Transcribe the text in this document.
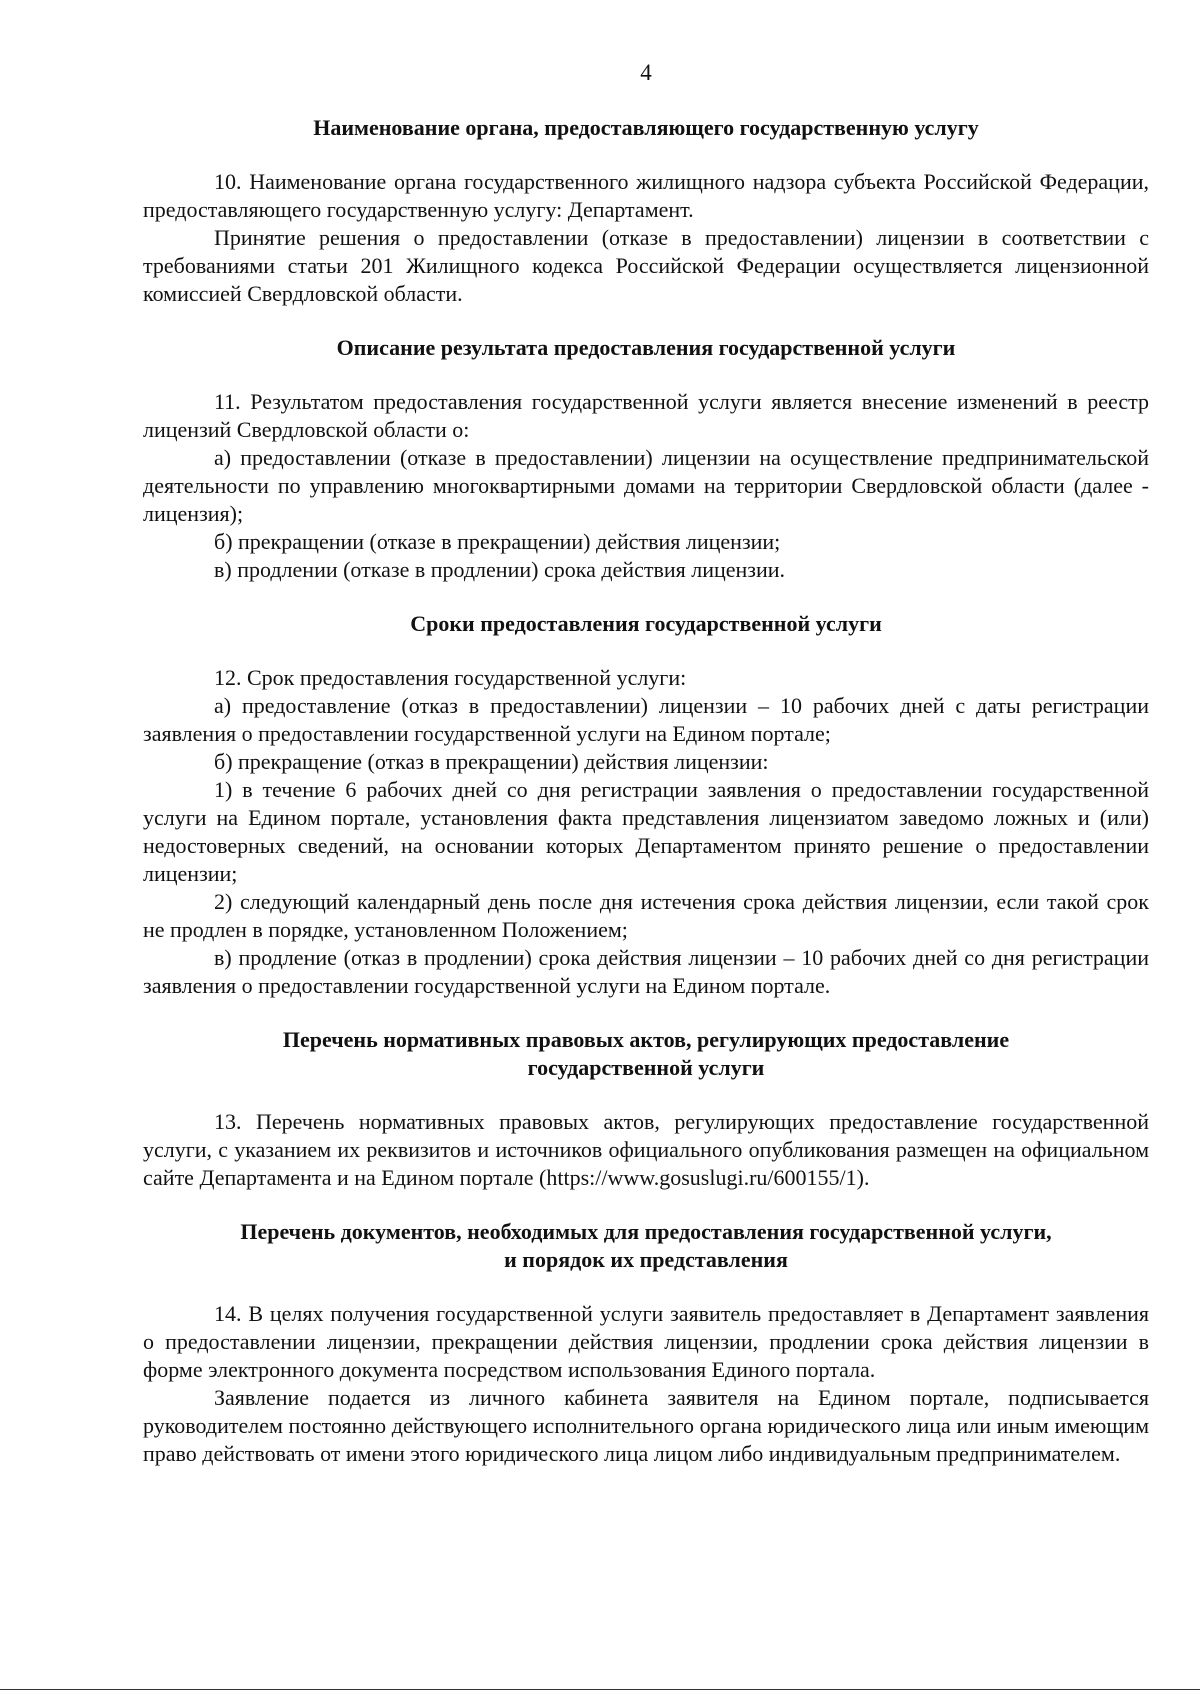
4
Наименование органа, предоставляющего государственную услугу

10. Наименование органа государственного жилищного надзора субъекта Российской Федерации, предоставляющего государственную услугу: Департамент.

Принятие решения о предоставлении (отказе в предоставлении) лицензии в соответствии с требованиями статьи 201 Жилищного кодекса Российской Федерации осуществляется лицензионной комиссией Свердловской области.

Описание результата предоставления государственной услуги

11. Результатом предоставления государственной услуги является внесение изменений в реестр лицензий Свердловской области о:

а) предоставлении (отказе в предоставлении) лицензии на осуществление предпринимательской деятельности по управлению многоквартирными домами на территории Свердловской области (далее - лицензия);

б) прекращении (отказе в прекращении) действия лицензии;

в) продлении (отказе в продлении) срока действия лицензии.

Сроки предоставления государственной услуги

12. Срок предоставления государственной услуги:

а) предоставление (отказ в предоставлении) лицензии – 10 рабочих дней с даты регистрации заявления о предоставлении государственной услуги на Едином портале;

б) прекращение (отказ в прекращении) действия лицензии:

1) в течение 6 рабочих дней со дня регистрации заявления о предоставлении государственной услуги на Едином портале, установления факта представления лицензиатом заведомо ложных и (или) недостоверных сведений, на основании которых Департаментом принято решение о предоставлении лицензии;

2) следующий календарный день после дня истечения срока действия лицензии, если такой срок не продлен в порядке, установленном Положением;

в) продление (отказ в продлении) срока действия лицензии – 10 рабочих дней со дня регистрации заявления о предоставлении государственной услуги на Едином портале.

Перечень нормативных правовых актов, регулирующих предоставление
государственной услуги

13. Перечень нормативных правовых актов, регулирующих предоставление государственной услуги, с указанием их реквизитов и источников официального опубликования размещен на официальном сайте Департамента и на Едином портале (https://www.gosuslugi.ru/600155/1).

Перечень документов, необходимых для предоставления государственной услуги,
и порядок их представления

14. В целях получения государственной услуги заявитель предоставляет в Департамент заявления о предоставлении лицензии, прекращении действия лицензии, продлении срока действия лицензии в форме электронного документа посредством использования Единого портала.

Заявление подается из личного кабинета заявителя на Едином портале, подписывается руководителем постоянно действующего исполнительного органа юридического лица или иным имеющим право действовать от имени этого юридического лица лицом либо индивидуальным предпринимателем.
